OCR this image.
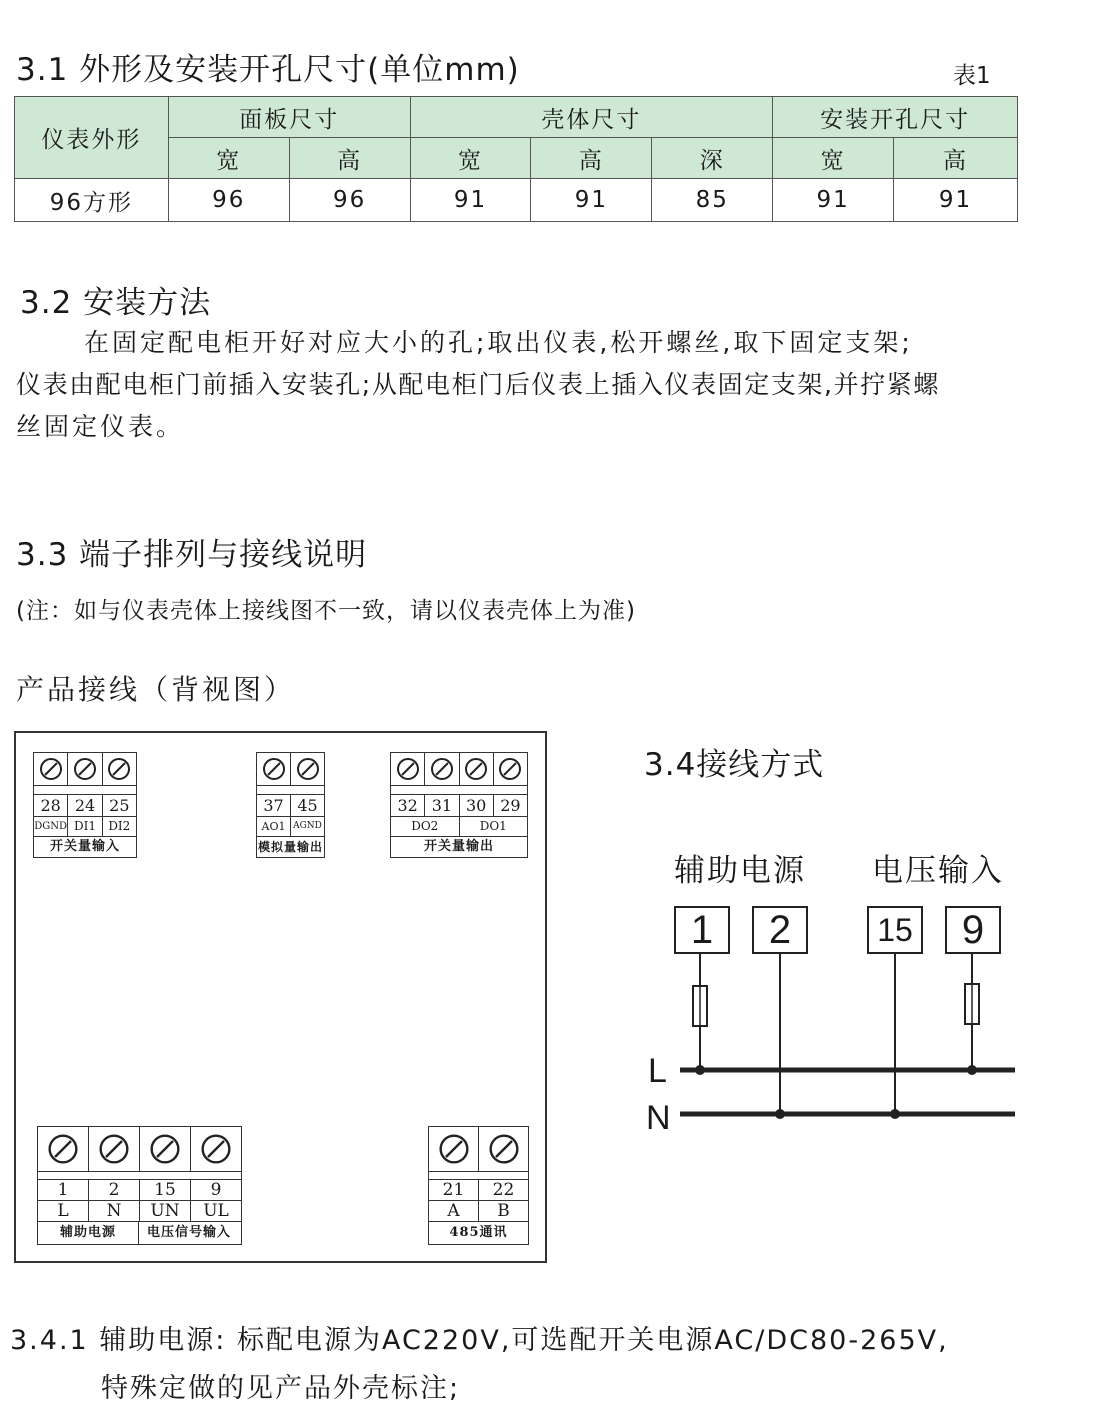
3.1 外形及安装开孔尺寸(单位mm)	表1
仪表外形	面板尺寸		壳体尺寸			安装开孔尺寸	
	宽	高	宽	高	深	宽	高
96方形	96	96	91	91	85	91	91
3.2 安装方法
在固定配电柜开好对应大小的孔;取出仪表,松开螺丝,取下固定支架;
仪表由配电柜门前插入安装孔;从配电柜门后仪表上插入仪表固定支架,并拧紧螺
丝固定仪表。
3.3 端子排列与接线说明
(注：如与仪表壳体上接线图不一致，请以仪表壳体上为准)
产品接线（背视图）
28 24 25
DGND DI1	DI2
开关量输入
37 45
AO1 AGND
模拟量输出
32 31 30 29
DO2	DO1
开关量输出
1	2	15	9
L	N	UN	UL
辅助电源	电压信号输入
21	22
A	B
485通讯
3.4接线方式
辅助电源 电压输入
1	2	15	9
L
N
3.4.1 辅助电源: 标配电源为AC220V,可选配开关电源AC/DC80-265V,
特殊定做的见产品外壳标注;
